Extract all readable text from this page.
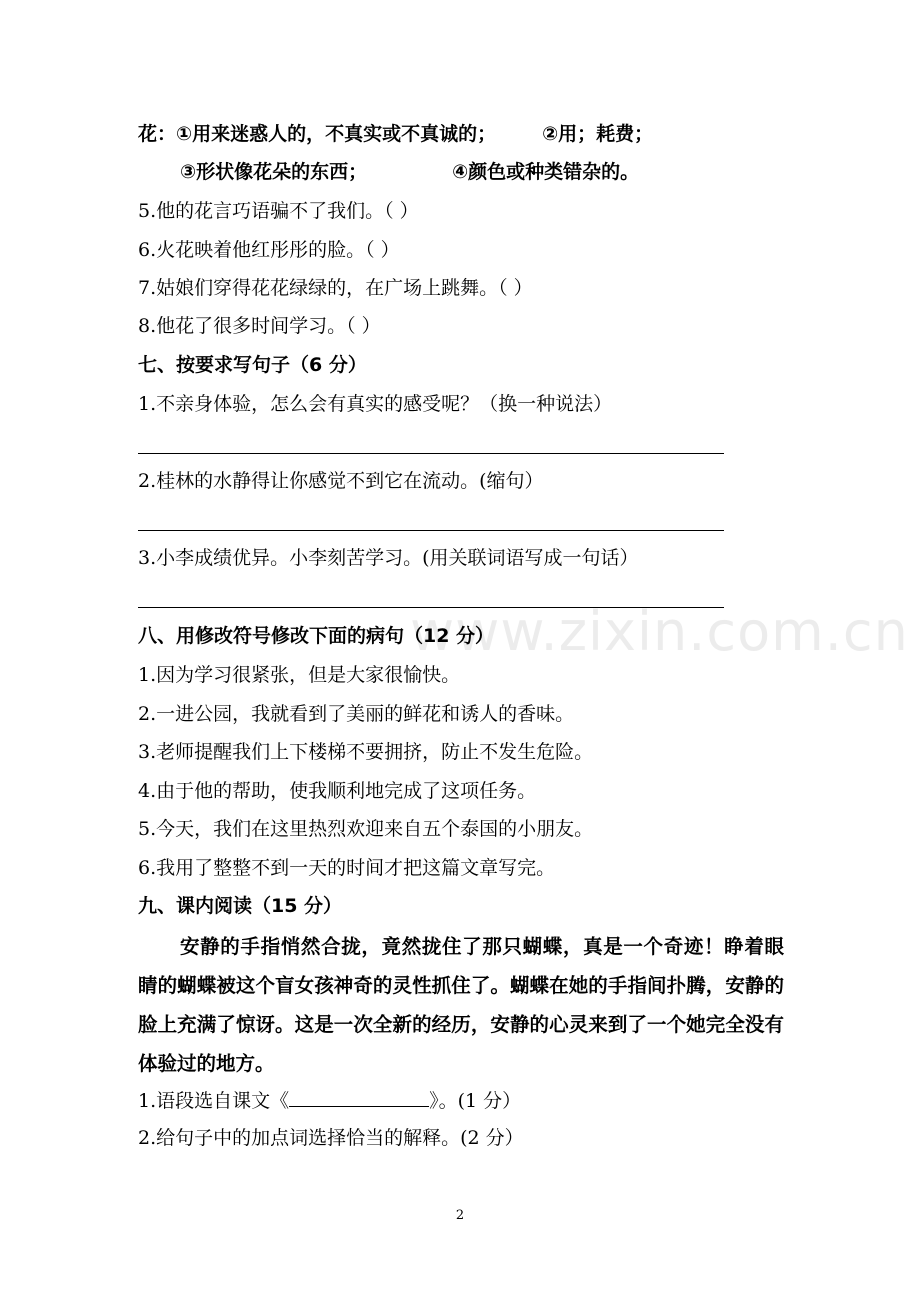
花：①用来迷惑人的，不真实或不真诚的； ②用；耗费；
③形状像花朵的东西；	④颜色或种类错杂的。
5.他的花言巧语骗不了我们。（ ）
6.火花映着他红彤彤的脸。（ ）
7.姑娘们穿得花花绿绿的，在广场上跳舞。（ ）
8.他花了很多时间学习。（ ）
七、按要求写句子（6 分）
1.不亲身体验，怎么会有真实的感受呢？（换一种说法）
2.桂林的水静得让你感觉不到它在流动。(缩句）
3.小李成绩优异。小李刻苦学习。(用关联词语写成一句话）
www.zixin.com.cn
八、用修改符号修改下面的病句（12 分）
1.因为学习很紧张，但是大家很愉快。
2.一进公园，我就看到了美丽的鲜花和诱人的香味。
3.老师提醒我们上下楼梯不要拥挤，防止不发生危险。
4.由于他的帮助，使我顺利地完成了这项任务。
5.今天，我们在这里热烈欢迎来自五个泰国的小朋友。
6.我用了整整不到一天的时间才把这篇文章写完。
九、课内阅读（15 分）
安静的手指悄然合拢，竟然拢住了那只蝴蝶，真是一个奇迹！睁着眼睛的蝴蝶被这个盲女孩神奇的灵性抓住了。蝴蝶在她的手指间扑腾，安静的脸上充满了惊讶。这是一次全新的经历，安静的心灵来到了一个她完全没有体验过的地方。
1.语段选自课文《	》。(1 分）
2.给句子中的加点词选择恰当的解释。(2 分）
2
